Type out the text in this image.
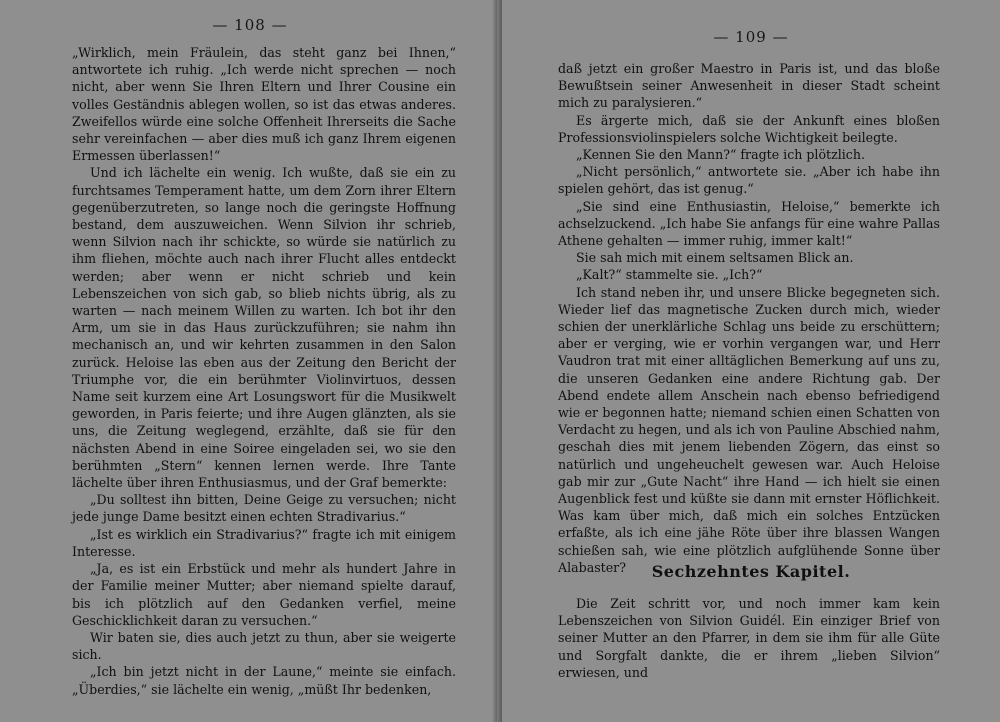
— 108 —

„Wirklich, mein Fräulein, das steht ganz bei Ihnen,“ antwortete ich ruhig. „Ich werde nicht sprechen — noch nicht, aber wenn Sie Ihren Eltern und Ihrer Cousine ein volles Geständnis ablegen wollen, so ist das etwas anderes. Zweifellos würde eine solche Offenheit Ihrerseits die Sache sehr vereinfachen — aber dies muß ich ganz Ihrem eigenen Ermessen überlassen!“

Und ich lächelte ein wenig. Ich wußte, daß sie ein zu furchtsames Temperament hatte, um dem Zorn ihrer Eltern gegenüberzutreten, so lange noch die geringste Hoffnung bestand, dem auszuweichen. Wenn Silvion ihr schrieb, wenn Silvion nach ihr schickte, so würde sie natürlich zu ihm fliehen, möchte auch nach ihrer Flucht alles entdeckt werden; aber wenn er nicht schrieb und kein Lebenszeichen von sich gab, so blieb nichts übrig, als zu warten — nach meinem Willen zu warten. Ich bot ihr den Arm, um sie in das Haus zurückzuführen; sie nahm ihn mechanisch an, und wir kehrten zusammen in den Salon zurück. Heloise las eben aus der Zeitung den Bericht der Triumphe vor, die ein berühmter Violinvirtuos, dessen Name seit kurzem eine Art Losungswort für die Musikwelt geworden, in Paris feierte; und ihre Augen glänzten, als sie uns, die Zeitung weglegend, erzählte, daß sie für den nächsten Abend in eine Soiree eingeladen sei, wo sie den berühmten „Stern“ kennen lernen werde. Ihre Tante lächelte über ihren Enthusiasmus, und der Graf bemerkte:

„Du solltest ihn bitten, Deine Geige zu versuchen; nicht jede junge Dame besitzt einen echten Stradivarius.“

„Ist es wirklich ein Stradivarius?“ fragte ich mit einigem Interesse.

„Ja, es ist ein Erbstück und mehr als hundert Jahre in der Familie meiner Mutter; aber niemand spielte darauf, bis ich plötzlich auf den Gedanken verfiel, meine Geschicklichkeit daran zu versuchen.“

Wir baten sie, dies auch jetzt zu thun, aber sie weigerte sich.

„Ich bin jetzt nicht in der Laune,“ meinte sie einfach. „Überdies,“ sie lächelte ein wenig, „müßt Ihr bedenken,

— 109 —

daß jetzt ein großer Maestro in Paris ist, und das bloße Bewußtsein seiner Anwesenheit in dieser Stadt scheint mich zu paralysieren.“

Es ärgerte mich, daß sie der Ankunft eines bloßen Professionsviolinspielers solche Wichtigkeit beilegte.

„Kennen Sie den Mann?“ fragte ich plötzlich.

„Nicht persönlich,“ antwortete sie. „Aber ich habe ihn spielen gehört, das ist genug.“

„Sie sind eine Enthusiastin, Heloise,“ bemerkte ich achselzuckend. „Ich habe Sie anfangs für eine wahre Pallas Athene gehalten — immer ruhig, immer kalt!“

Sie sah mich mit einem seltsamen Blick an.

„Kalt?“ stammelte sie. „Ich?“

Ich stand neben ihr, und unsere Blicke begegneten sich. Wieder lief das magnetische Zucken durch mich, wieder schien der unerklärliche Schlag uns beide zu erschüttern; aber er verging, wie er vorhin vergangen war, und Herr Vaudron trat mit einer alltäglichen Bemerkung auf uns zu, die unseren Gedanken eine andere Richtung gab. Der Abend endete allem Anschein nach ebenso befriedigend wie er begonnen hatte; niemand schien einen Schatten von Verdacht zu hegen, und als ich von Pauline Abschied nahm, geschah dies mit jenem liebenden Zögern, das einst so natürlich und ungeheuchelt gewesen war. Auch Heloise gab mir zur „Gute Nacht“ ihre Hand — ich hielt sie einen Augenblick fest und küßte sie dann mit ernster Höflichkeit. Was kam über mich, daß mich ein solches Entzücken erfaßte, als ich eine jähe Röte über ihre blassen Wangen schießen sah, wie eine plötzlich aufglühende Sonne über Alabaster?	Sechzehntes Kapitel.

Die Zeit schritt vor, und noch immer kam kein Lebenszeichen von Silvion Guidél. Ein einziger Brief von seiner Mutter an den Pfarrer, in dem sie ihm für alle Güte und Sorgfalt dankte, die er ihrem „lieben Silvion“ erwiesen, und
